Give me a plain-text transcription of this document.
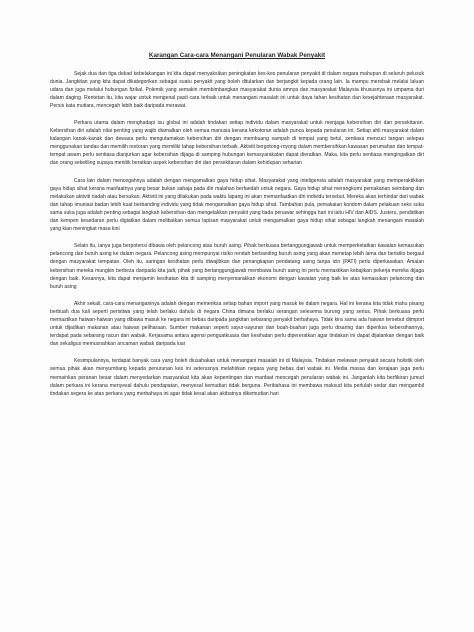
Karangan Cara-cara Menangani Penularan Wabak Penyakit

Sejak dua dan tiga dekad kebelakangan ini kita dapat menyaksikan peningkatan kes-kes penularan penyakit di dalam negara mahupun di seluruh pelusuk dunia. Jangkitan yang kita dapat dikategorikan sebagai suatu penyakit yang boleh ditularkan dan berjangkit kepada orang lain. Ia mampu merebak melalui laluan udara dan juga melalui hubungan fizikal. Polemik yang semakin membimbangkan masyarakat dunia amnya dan masyarakat Malaysia khususnya ini umpama duri dalam daging. Rentetan itu, kita wajar untuk mengenal pasti cara terbaik untuk menangani masalah ini untuk daya tahan kesihatan dan kesejahteraan masyarakat. Persis kata mutiara, mencegah lebih baik daripada merawat.

Perkara utama dalam menghadapi isu global ini adalah tindakan setiap individu dalam masyarakat untuk menjaga kebersihan diri dan persekitaran. Kebersihan diri adalah nilai penting yang wajib diamalkan oleh semua manusia kerana kekotoran adalah punca kepada penularan ini. Setiap ahli masyarakat dalam kalangan kanak-kanak dan dewasa perlu mengutamakan kebersihan diri dengan membuang sampah di tempat yang betul, sentiasa mencuci tangan selepas menggunakan tandas dan memilih restoran yang memiliki tahap kebersihan terbaik. Aktiviti bergotong-royong dalam membersihkan kawasan perumahan dan tempat-tempat awam perlu sentiasa dianjurkan agar kebersihan dijaga di samping hubungan kemasyarakatan dapat dieratkan. Maka, kita perlu sentiasa mengingatkan diri dan orang sekeliling supaya menitik beratkan aspek kebersihan diri dan persekitaran dalam kehidupan seharian

Cara lain dalam mencegahnya adalah dengan mengamalkan gaya hidup sihat. Masyarakat yang inteligensia adalah masyarakat yang memperaktikkan gaya hidup sihat kerana manfaatnya yang besar bukan sahaja pada diri malahan berfaedah untuk negara. Gaya hidup sihat merangkumi pemakanan seimbang dan melakukan aktiviti riadah atau bersukan. Aktiviti ini yang dilakukan pada waktu lapang ini akan memanfaatkan diri individu tersebut. Mereka akan terhindar dari wabak dan tahap imuniasi badan lebih kuat berbanding individu yang tidak mengamalkan gaya hidup sihat. Tambahan pula, pemakaian kondom dalam pelakuan seks suka sama suka juga adalah penting sebagai langkah kebersihan dan mengelakkan penyakit yang tiada penawar sehingga hari ini iaitu HIV dan AIDS. Justeru, pendidikan dan kempen kesedaran perlu digiatkan dalam melibatkan semua lapisan masyarakat untuk mengamalkan gaya hidup sihat sebagai langkah menangani masalah yang kian meningkat masa kini

Selain itu, ianya juga berpotensi dibawa oleh pelancong atau buruh asing. Pihak berkuasa bertanggungjawab untuk memperketatkan kawalan kemasukan pelancong dan buruh asing ke dalam negara. Pelancong asing mempunyai risiko rendah berbanding buruh asing yang akan menetap lebih lama dan berisiko bergaul dengan masyarakat tempatan. Oleh itu, saringan kesihatan perlu diwajibkan dan penangkapan pendatang asing tanpa izin (PATI) perlu diperkasakan. Amalan kebersihan mereka mungkin berbeza daripada kita jadi, pihak yang bertanggungjawab membawa buruh asing ini perlu memastikan kebajikan pekerja mereka dijaga dengan baik. Kesannya, kita dapat menjamin kesihatan kita di samping menyemarakkan ekonomi dengan kawalan yang baik ke atas kemasukan pelancong dan buruh asing

Akhir sekali, cara-cara menanganinya adalah dengan memeriksa setiap bahan import yang masuk ke dalam negara. Hal ini kerana kita tidak mahu pisang berbuah dua kali seperti peristiwa yang telah berlaku dahulu di negara China dimana berlaku serangan selesema burung yang serius. Pihak berkuasa perlu memastikan haiwan-haiwan yang dibawa masuk ke negara ini bebas daripada jangkitan sebarang penyakit berbahaya. Tidak kira sama ada haiwan tersebut diimport untuk dijadikan makanan atau haiwan peliharaan. Sumber makanan seperti sayur-sayuran dan buah-buahan juga perlu disaring dan diperiksa kebersihannya, terdapat pada sebarang racun dan wabak. Kerjasama antara agensi penguatkuasa dan kesihatan perlu dipereratkan agar tindakan ini dapat dijalankan dengan baik dan sekaligus memusnahkan ancaman wabak daripada luar

Kesimpulannya, terdapat banyak cara yang boleh diusahakan untuk menangani masalah ini di Malaysia. Tindakan melawan penyakit secara holistik oleh semua pihak akan menyumbang kepada penurunan kes ini seterusnya melahirkan negara yang bebas dari wabak ini. Media massa dan kerajaan juga perlu memainkan peranan besar dalam menyedarkan masyarakat kita akan kepentingan dan manfaat mencegah penularan wabak ini. Janganlah kita berfikiran jumud dalam perkara ini kerana menyesal dahulu pendapatan, menyesal kemudian tidak berguna. Peribahasa ini membawa maksud kita perlulah sedar dan mengambil tindakan segera ke atas perkara yang merbahaya ini agar tidak kesal akan akibatnya dikemudian hari
